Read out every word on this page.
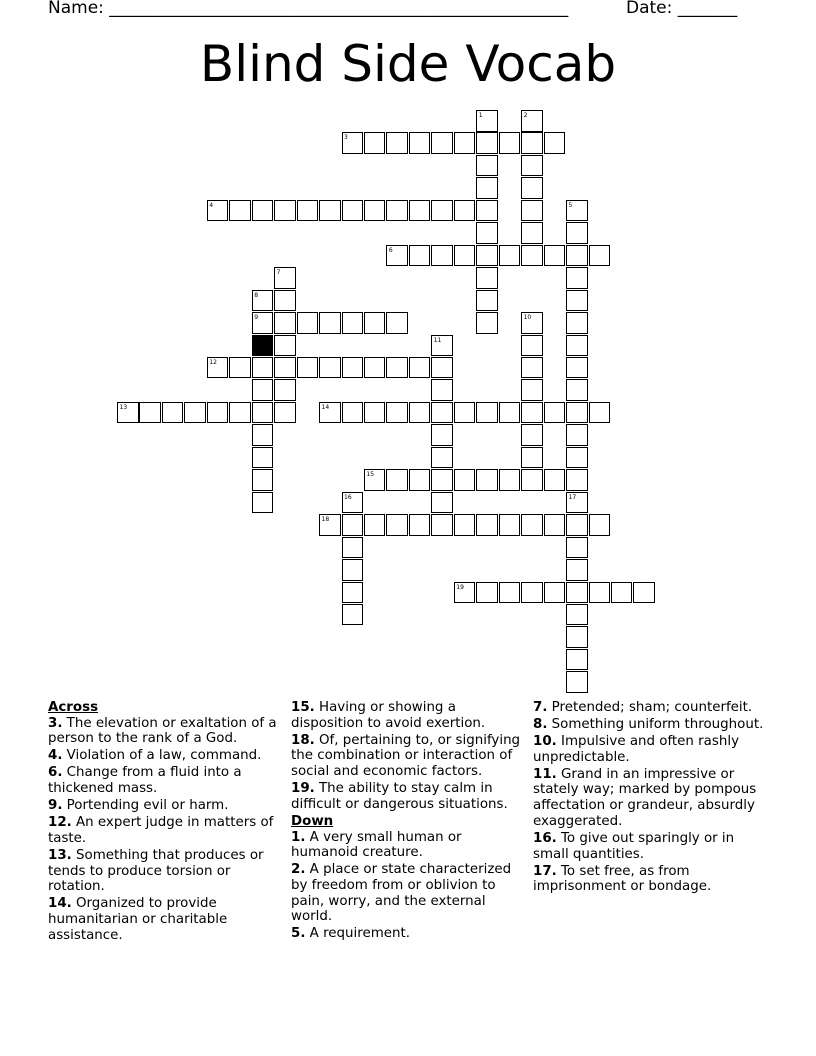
Name: ______________________________________________________	Date: _______
Blind Side Vocab
1	2
3
4	5
17
6
7
8
9	10
11
12
13	14
15
16
18
19
Across
3. The elevation or exaltation of a person to the rank of a God.
4. Violation of a law, command.
6. Change from a fluid into a thickened mass.
9. Portending evil or harm.
12. An expert judge in matters of taste.
13. Something that produces or tends to produce torsion or rotation.
14. Organized to provide humanitarian or charitable assistance.
15. Having or showing a disposition to avoid exertion.
18. Of, pertaining to, or signifying the combination or interaction of social and economic factors.
19. The ability to stay calm in difficult or dangerous situations.
Down
1. A very small human or humanoid creature.
2. A place or state characterized by freedom from or oblivion to pain, worry, and the external world.
5. A requirement.
7. Pretended; sham; counterfeit.
8. Something uniform throughout.
10. Impulsive and often rashly unpredictable.
11. Grand in an impressive or stately way; marked by pompous affectation or grandeur, absurdly exaggerated.
16. To give out sparingly or in small quantities.
17. To set free, as from imprisonment or bondage.
